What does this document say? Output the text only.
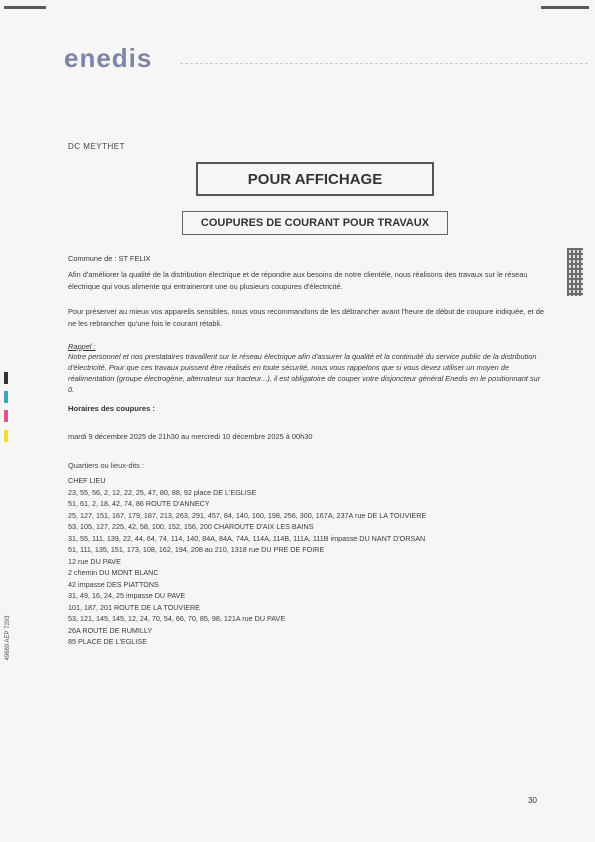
enedis
DC MEYTHET
POUR AFFICHAGE
COUPURES DE COURANT POUR TRAVAUX
Commune de : ST FELIX
Afin d'améliorer la qualité de la distribution électrique et de répondre aux besoins de notre clientèle, nous réalisons des travaux sur le réseau électrique qui vous alimente qui entraineront une ou plusieurs coupures d'électricité.
Pour préserver au mieux vos appareils sensibles, nous vous recommandons de les débrancher avant l'heure de début de coupure indiquée, et de ne les rebrancher qu'une fois le courant rétabli.
Rappel :
Notre personnel et nos prestataires travaillent sur le réseau électrique afin d'assurer la qualité et la continuité du service public de la distribution d'électricité. Pour que ces travaux puissent être réalisés en toute sécurité, nous vous rappelons que si vous devez utiliser un moyen de réalimentation (groupe électrogène, alternateur sur tracteur...), il est obligatoire de couper votre disjoncteur général Enedis en le positionnant sur 0.
Horaires des coupures :
mardi 9 décembre 2025 de 21h30 au mercredi 10 décembre 2025 à 00h30
Quartiers ou lieux-dits :
CHEF LIEU
23, 55, 56, 2, 12, 22, 25, 47, 80, 88, 92 place DE L'EGLISE
51, 61, 2, 18, 42, 74, 86 ROUTE D'ANNECY
25, 127, 151, 167, 179, 187, 213, 263, 291, 457, 84, 140, 160, 198, 256, 300, 167A, 237A rue DE LA TOUVIERE
53, 105, 127, 225, 42, 58, 100, 152, 156, 200 CHAROUTE D'AIX LES BAINS
31, 55, 111, 139, 22, 44, 64, 74, 114, 140, 84A, 84A, 74A, 114A, 114B, 111A, 111B impasse DU NANT D'ORSAN
51, 111, 135, 151, 173, 108, 162, 194, 208 au 210, 1318 rue DU PRE DE FOIRE
12 rue DU PAVE
2 chemin DU MONT BLANC
42 impasse DES PIATTONS
31, 49, 16, 24, 25 impasse DU PAVE
101, 187, 201 ROUTE DE LA TOUVIERE
53, 121, 145, 145, 12, 24, 70, 54, 66, 70, 85, 98, 121A rue DU PAVE
26A ROUTE DE RUMILLY
85 PLACE DE L'EGLISE
49689 AEP 7293
30
